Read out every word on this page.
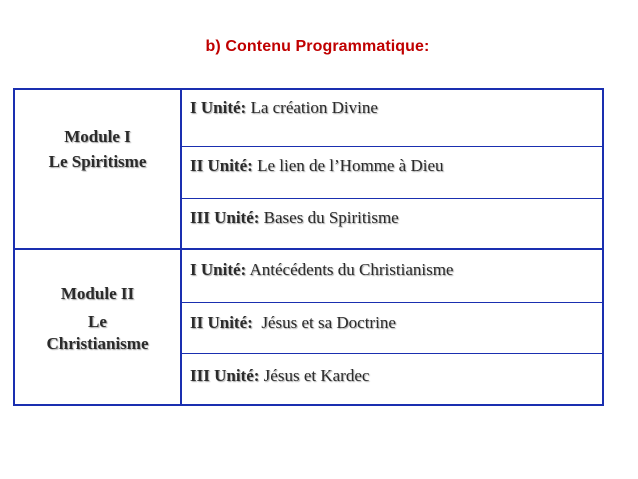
b) Contenu Programmatique:
Module I
Le Spiritisme
I Unité: La création Divine
II Unité: Le lien de l’Homme à Dieu
III Unité: Bases du Spiritisme
Module II
Le
Christianisme
I Unité: Antécédents du Christianisme
II Unité:  Jésus et sa Doctrine
III Unité: Jésus et Kardec
